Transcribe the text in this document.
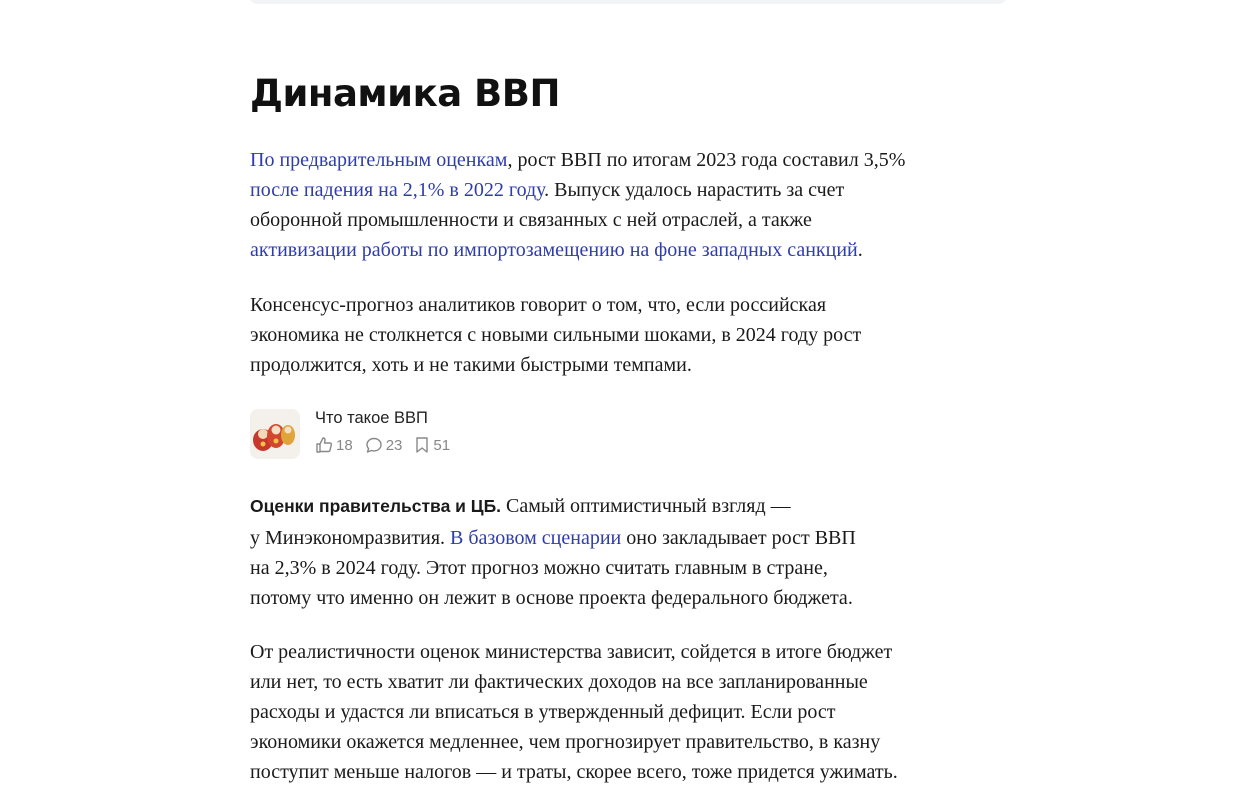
Динамика ВВП

По предварительным оценкам, рост ВВП по итогам 2023 года составил 3,5%
после падения на 2,1% в 2022 году. Выпуск удалось нарастить за счет
оборонной промышленности и связанных с ней отраслей, а также
активизации работы по импортозамещению на фоне западных санкций.

Консенсус-прогноз аналитиков говорит о том, что, если российская
экономика не столкнется с новыми сильными шоками, в 2024 году рост
продолжится, хоть и не такими быстрыми темпами.

Что такое ВВП
18 23 51

Оценки правительства и ЦБ. Самый оптимистичный взгляд —
у Минэкономразвития. В базовом сценарии оно закладывает рост ВВП
на 2,3% в 2024 году. Этот прогноз можно считать главным в стране,
потому что именно он лежит в основе проекта федерального бюджета.

От реалистичности оценок министерства зависит, сойдется в итоге бюджет
или нет, то есть хватит ли фактических доходов на все запланированные
расходы и удастся ли вписаться в утвержденный дефицит. Если рост
экономики окажется медленнее, чем прогнозирует правительство, в казну
поступит меньше налогов — и траты, скорее всего, тоже придется ужимать.
